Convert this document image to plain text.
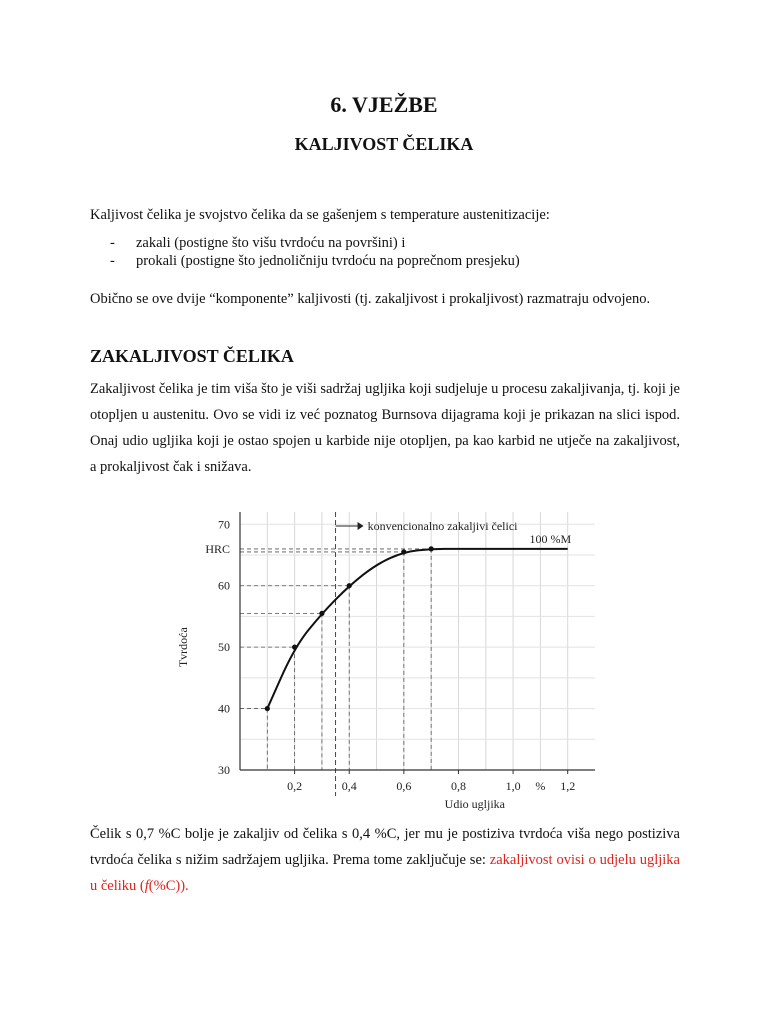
6. VJEŽBE
KALJIVOST ČELIKA
Kaljivost čelika je svojstvo čelika da se gašenjem s temperature austenitizacije:
- zakali (postigne što višu tvrdoću na površini) i
- prokali (postigne što jednoličniju tvrdoću na poprečnom presjeku)
Obično se ove dvije “komponente” kaljivosti (tj. zakaljivost i prokaljivost) razmatraju odvojeno.
ZAKALJIVOST ČELIKA
Zakaljivost čelika je tim viša što je viši sadržaj ugljika koji sudjeluje u procesu zakaljivanja, tj. koji je otopljen u austenitu. Ovo se vidi iz već poznatog Burnsova dijagrama koji je prikazan na slici ispod. Onaj udio ugljika koji je ostao spojen u karbide nije otopljen, pa kao karbid ne utječe na zakaljivost, a prokaljivost čak i snižava.
0,2	0,4	0,6	0,8	1,0	1,2
30
40
50
60
70	konvencionalno zakaljivi čelici
100 %M
HRC
%
Udio ugljika
Tvrdoća
Čelik s 0,7 %C bolje je zakaljiv od čelika s 0,4 %C, jer mu je postiziva tvrdoća viša nego postiziva tvrdoća čelika s nižim sadržajem ugljika. Prema tome zaključuje se: zakaljivost ovisi o udjelu ugljika u čeliku (f(%C)).
